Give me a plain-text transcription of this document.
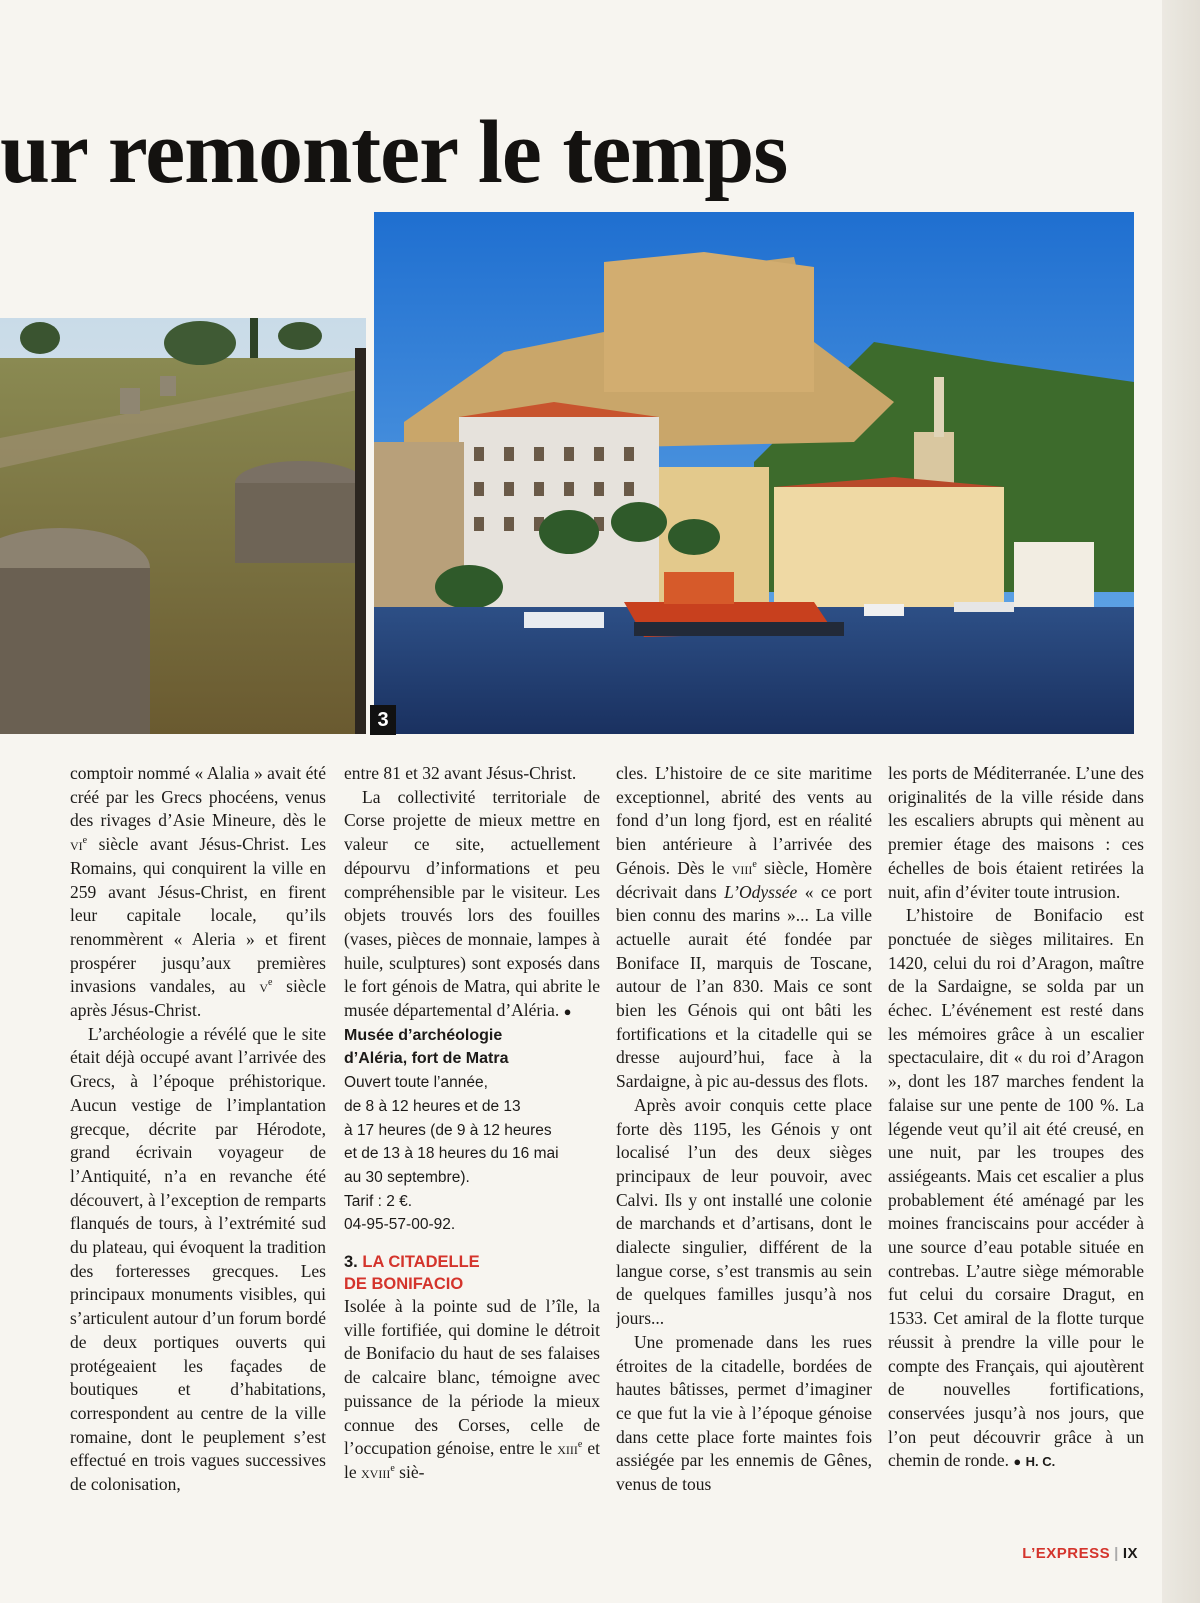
ur remonter le temps
3

comptoir nommé « Alalia » avait été créé par les Grecs phocéens, venus des rivages d’Asie Mineure, dès le $vi^e$ siècle avant Jésus-Christ. Les Romains, qui conquirent la ville en 259 avant Jésus-Christ, en firent leur capitale locale, qu’ils renommèrent « Aleria » et firent prospérer jusqu’aux premières invasions vandales, au $v^e$ siècle après Jésus-Christ.

L’archéologie a révélé que le site était déjà occupé avant l’arrivée des Grecs, à l’époque préhistorique. Aucun vestige de l’implantation grecque, décrite par Hérodote, grand écrivain voyageur de l’Antiquité, n’a en revanche été découvert, à l’exception de remparts flanqués de tours, à l’extrémité sud du plateau, qui évoquent la tradition des forteresses grecques. Les principaux monuments visibles, qui s’articulent autour d’un forum bordé de deux portiques ouverts qui protégeaient les façades de boutiques et d’habitations, correspondent au centre de la ville romaine, dont le peuplement s’est effectué en trois vagues successives de colonisation,

entre 81 et 32 avant Jésus-Christ.

La collectivité territoriale de Corse projette de mieux mettre en valeur ce site, actuellement dépourvu d’informations et peu compréhensible par le visiteur. Les objets trouvés lors des fouilles (vases, pièces de monnaie, lampes à huile, sculptures) sont exposés dans le fort génois de Matra, qui abrite le musée départemental d’Aléria. ●

Musée d’archéologie
d’Aléria, fort de Matra
Ouvert toute l’année,
de 8 à 12 heures et de 13
à 17 heures (de 9 à 12 heures
et de 13 à 18 heures du 16 mai
au 30 septembre).
Tarif : 2 €.
04-95-57-00-92.
3. LA CITADELLE
DE BONIFACIO

Isolée à la pointe sud de l’île, la ville fortifiée, qui domine le détroit de Bonifacio du haut de ses falaises de calcaire blanc, témoigne avec puissance de la période la mieux connue des Corses, celle de l’occupation génoise, entre le xiii$^e$ et le xviii$^e$ siè-

cles. L’histoire de ce site maritime exceptionnel, abrité des vents au fond d’un long fjord, est en réalité bien antérieure à l’arrivée des Génois. Dès le viii$^e$ siècle, Homère décrivait dans L’Odyssée « ce port bien connu des marins »... La ville actuelle aurait été fondée par Boniface II, marquis de Toscane, autour de l’an 830. Mais ce sont bien les Génois qui ont bâti les fortifications et la citadelle qui se dresse aujourd’hui, face à la Sardaigne, à pic au-dessus des flots.

Après avoir conquis cette place forte dès 1195, les Génois y ont localisé l’un des deux sièges principaux de leur pouvoir, avec Calvi. Ils y ont installé une colonie de marchands et d’artisans, dont le dialecte singulier, différent de la langue corse, s’est transmis au sein de quelques familles jusqu’à nos jours...

Une promenade dans les rues étroites de la citadelle, bordées de hautes bâtisses, permet d’imaginer ce que fut la vie à l’époque génoise dans cette place forte maintes fois assiégée par les ennemis de Gênes, venus de tous

les ports de Méditerranée. L’une des originalités de la ville réside dans les escaliers abrupts qui mènent au premier étage des maisons : ces échelles de bois étaient retirées la nuit, afin d’éviter toute intrusion.

L’histoire de Bonifacio est ponctuée de sièges militaires. En 1420, celui du roi d’Aragon, maître de la Sardaigne, se solda par un échec. L’événement est resté dans les mémoires grâce à un escalier spectaculaire, dit « du roi d’Aragon », dont les 187 marches fendent la falaise sur une pente de 100 %. La légende veut qu’il ait été creusé, en une nuit, par les troupes des assiégeants. Mais cet escalier a plus probablement été aménagé par les moines franciscains pour accéder à une source d’eau potable située en contrebas. L’autre siège mémorable fut celui du corsaire Dragut, en 1533. Cet amiral de la flotte turque réussit à prendre la ville pour le compte des Français, qui ajoutèrent de nouvelles fortifications, conservées jusqu’à nos jours, que l’on peut découvrir grâce à un chemin de ronde. ● H. C.

L’EXPRESS | IX
